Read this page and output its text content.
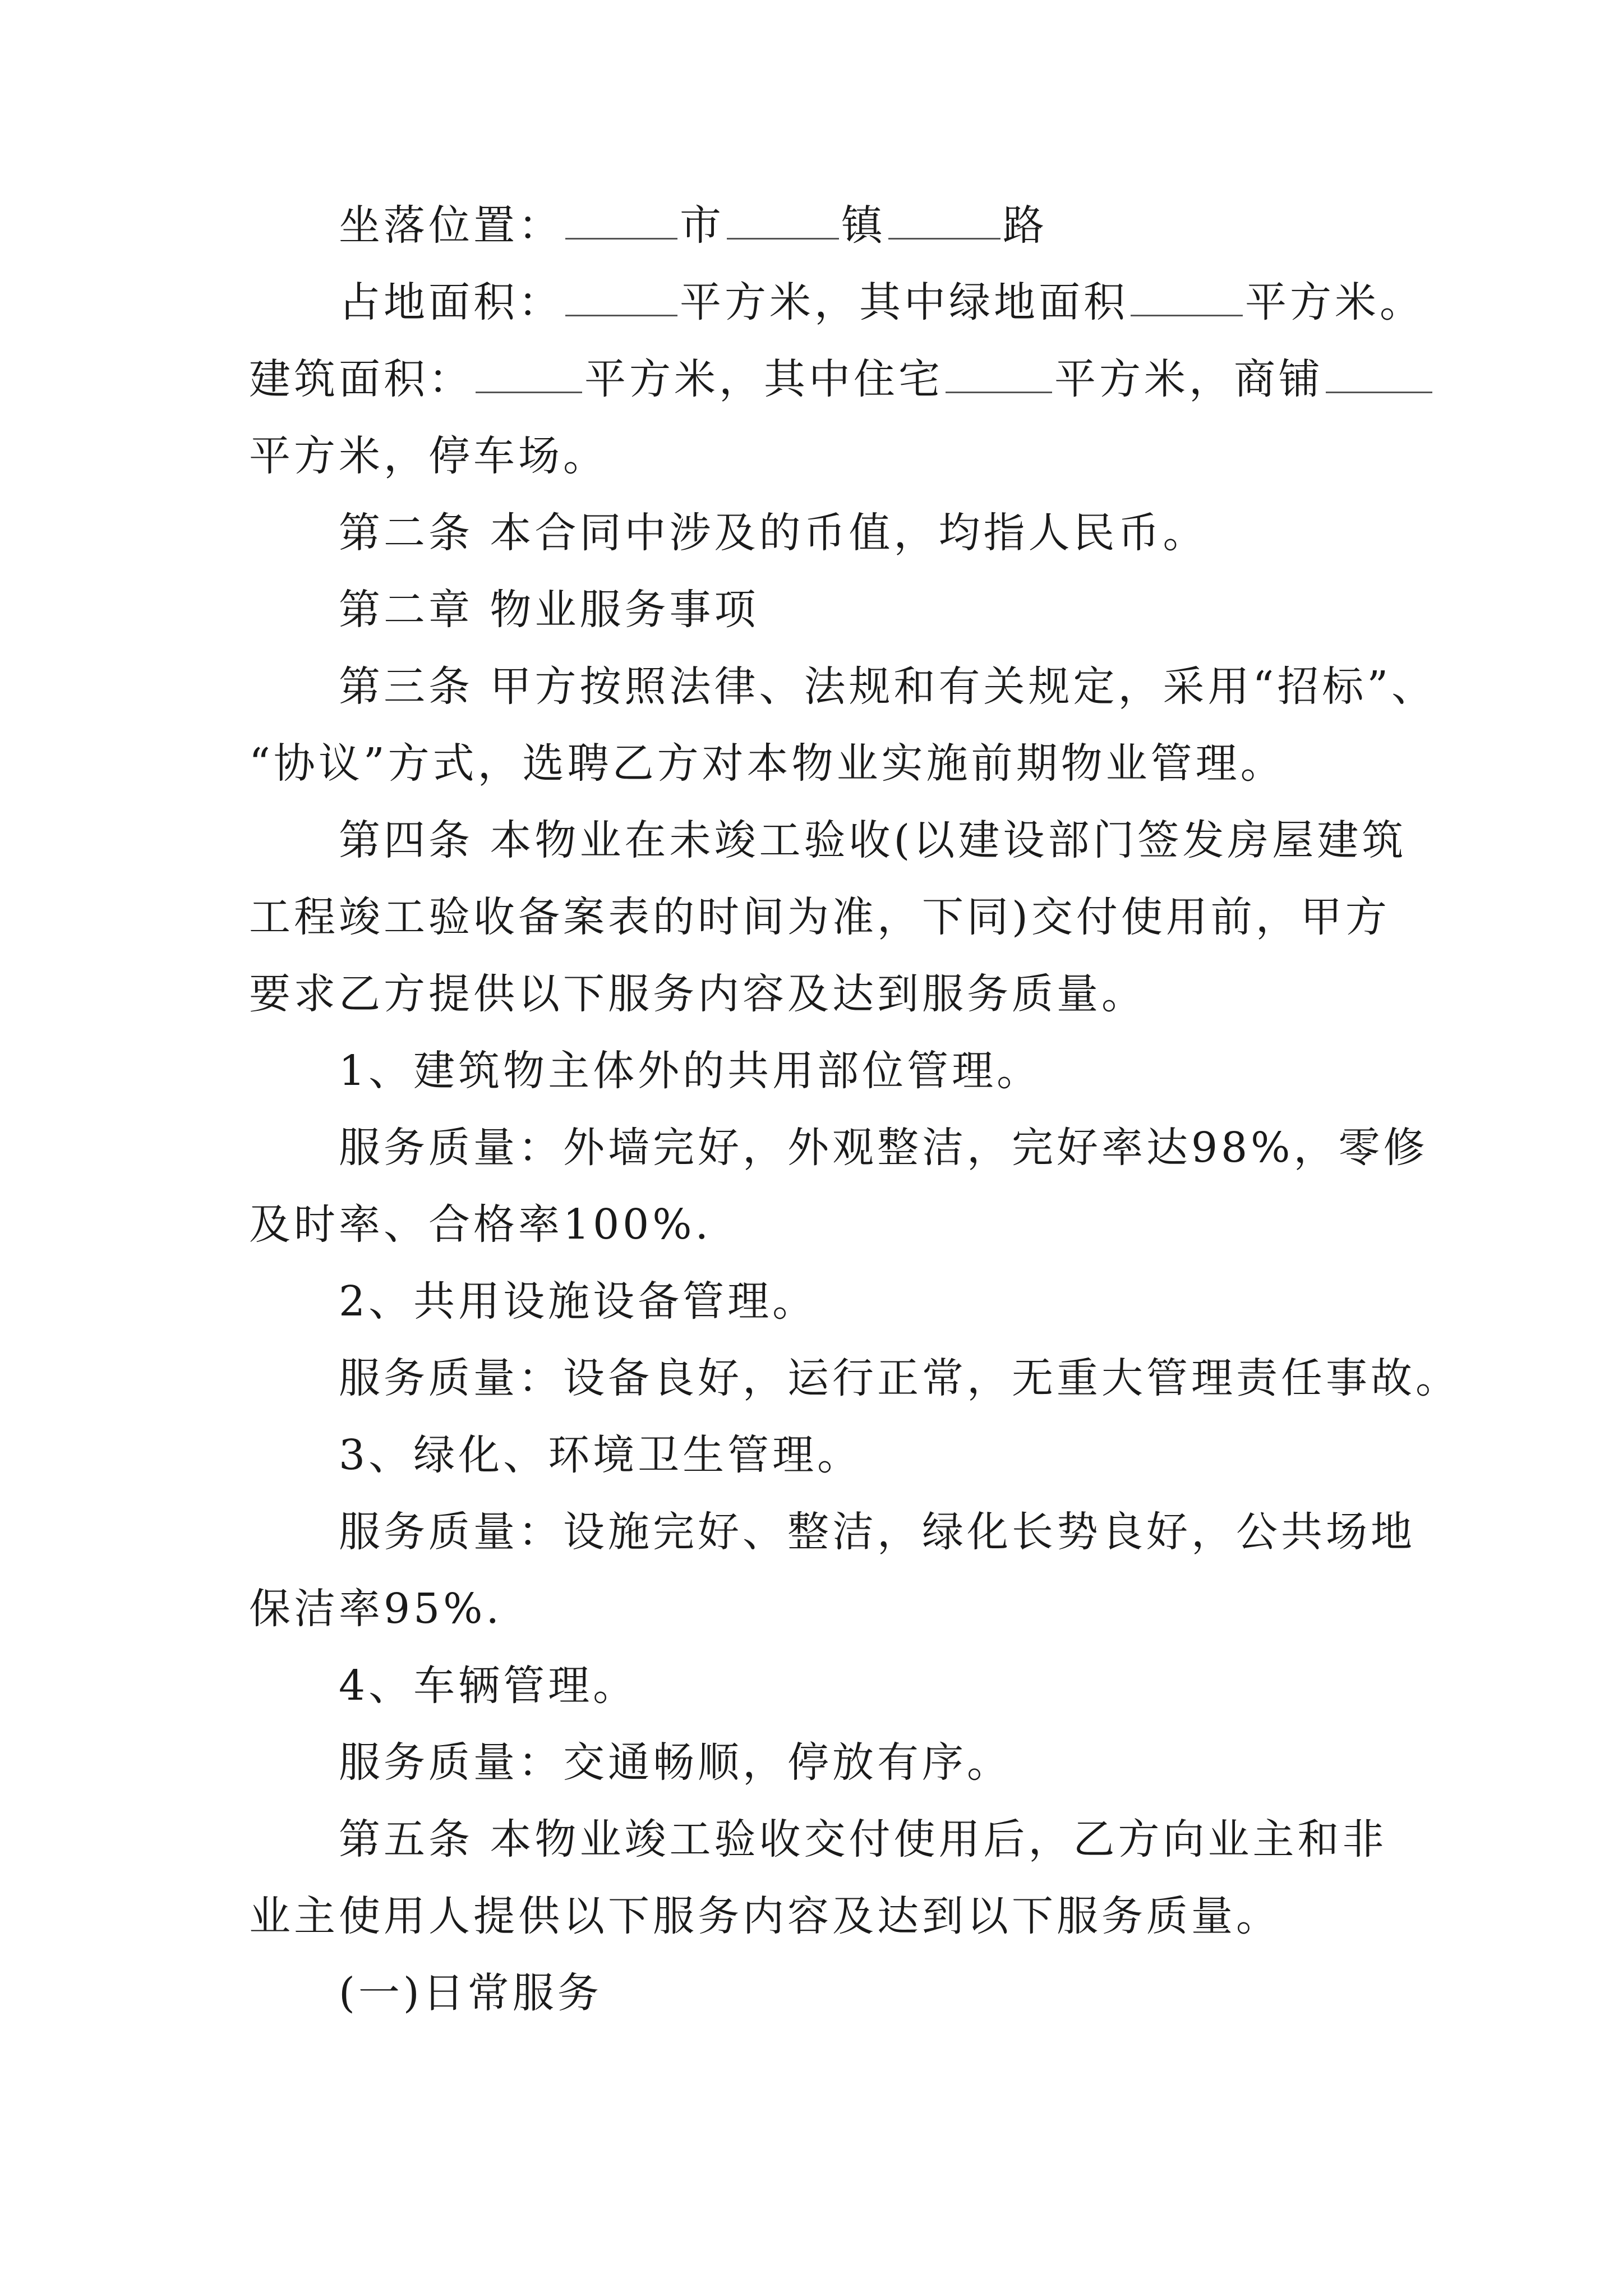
坐落位置：	市	镇	路
占地面积：	平方米，其中绿地面积	平方米。
建筑面积：	平方米，其中住宅	平方米，商铺
平方米，停车场。
第二条 本合同中涉及的币值，均指人民币。
第二章 物业服务事项
第三条 甲方按照法律、法规和有关规定，采用“招标”、
“协议”方式，选聘乙方对本物业实施前期物业管理。
第四条 本物业在未竣工验收(以建设部门签发房屋建筑
工程竣工验收备案表的时间为准，下同)交付使用前，甲方
要求乙方提供以下服务内容及达到服务质量。
1、建筑物主体外的共用部位管理。
服务质量：外墙完好，外观整洁，完好率达98%，零修
及时率、合格率100%.
2、共用设施设备管理。
服务质量：设备良好，运行正常，无重大管理责任事故。
3、绿化、环境卫生管理。
服务质量：设施完好、整洁，绿化长势良好，公共场地
保洁率95%.
4、车辆管理。
服务质量：交通畅顺，停放有序。
第五条 本物业竣工验收交付使用后，乙方向业主和非
业主使用人提供以下服务内容及达到以下服务质量。
(一)日常服务
